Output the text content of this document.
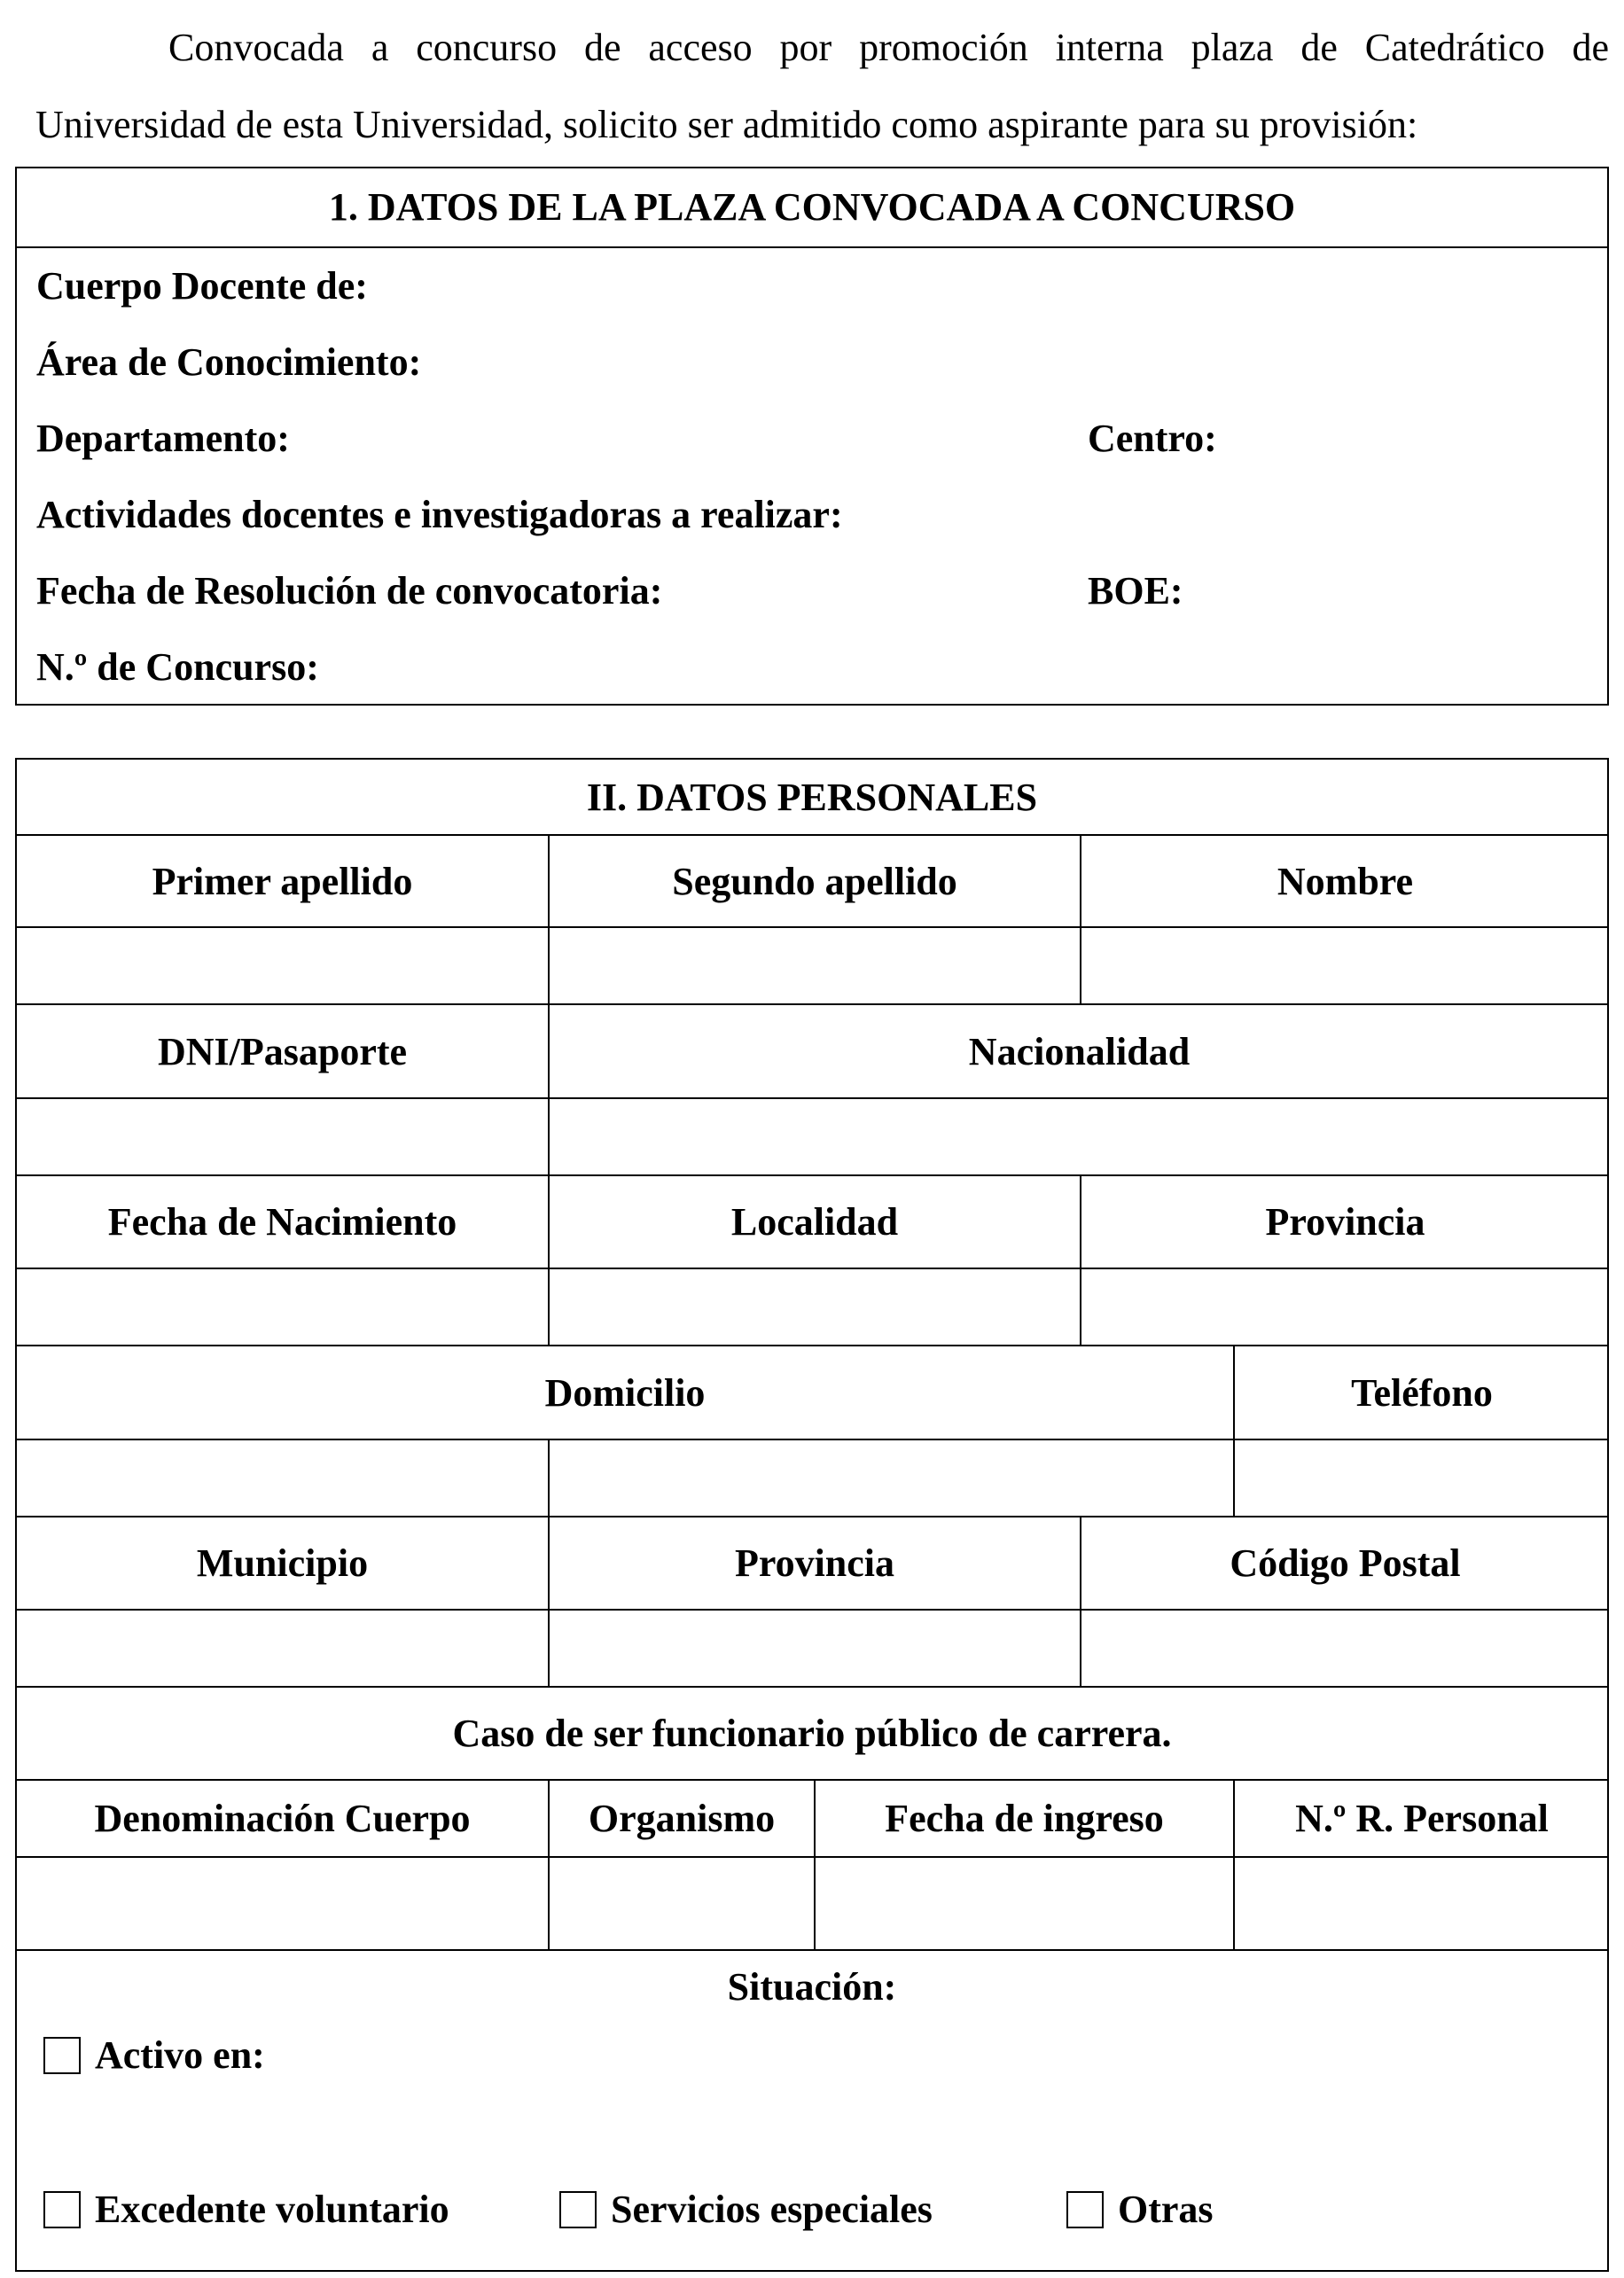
Convocada a concurso de acceso por promoción interna plaza de Catedrático de Universidad de esta Universidad, solicito ser admitido como aspirante para su provisión:
1. DATOS DE LA PLAZA CONVOCADA A CONCURSO
Cuerpo Docente de:
Área de Conocimiento:
Departamento:	Centro:
Actividades docentes e investigadoras a realizar:
Fecha de Resolución de convocatoria:	BOE:
N.º de Concurso:
II. DATOS PERSONALES
Primer apellido	Segundo apellido	Nombre
DNI/Pasaporte	Nacionalidad
Fecha de Nacimiento	Localidad	Provincia
Domicilio	Teléfono
Municipio	Provincia	Código Postal
Caso de ser funcionario público de carrera.
Denominación Cuerpo	Organismo	Fecha de ingreso	N.º R. Personal
Situación:
Activo en:
Excedente voluntario	Servicios especiales	Otras
